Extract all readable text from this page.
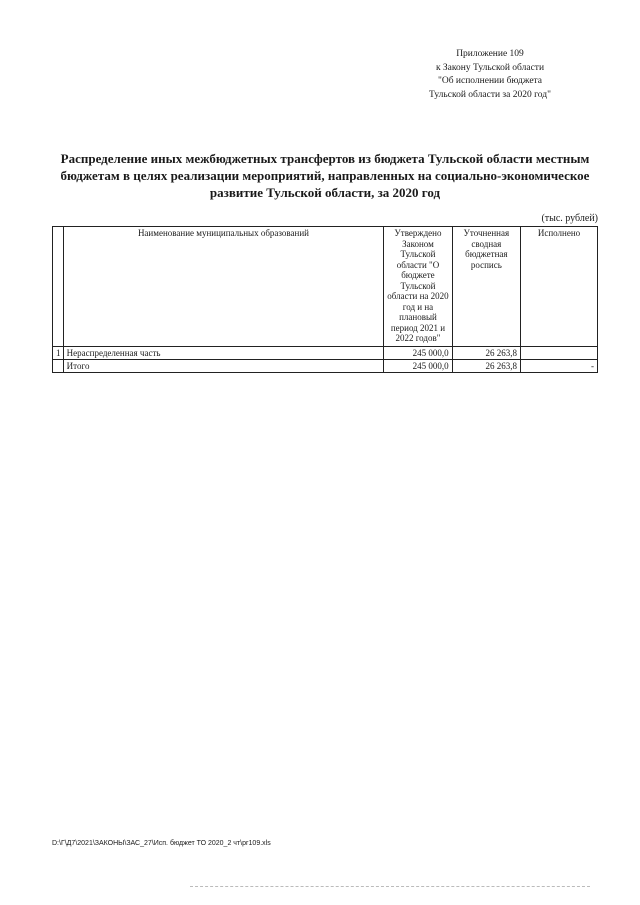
Приложение 109
к Закону Тульской области
"Об исполнении бюджета
Тульской области за 2020 год"
Распределение иных межбюджетных трансфертов из бюджета Тульской области местным
бюджетам в целях реализации мероприятий, направленных на социально-экономическое
развитие Тульской области, за 2020 год
(тыс. рублей)
	Наименование муниципальных образований	Утверждено Законом Тульской области "О бюджете Тульской области на 2020 год и на плановый период 2021 и 2022 годов"	Уточненная сводная бюджетная роспись	Исполнено
1	Нераспределенная часть	245 000,0	26 263,8	
	Итого	245 000,0	26 263,8	-
D:\Г\Д7\2021\ЗАКОНЫ\ЗАС_27\Исп. бюджет ТО 2020_2 чт\рг109.xls
